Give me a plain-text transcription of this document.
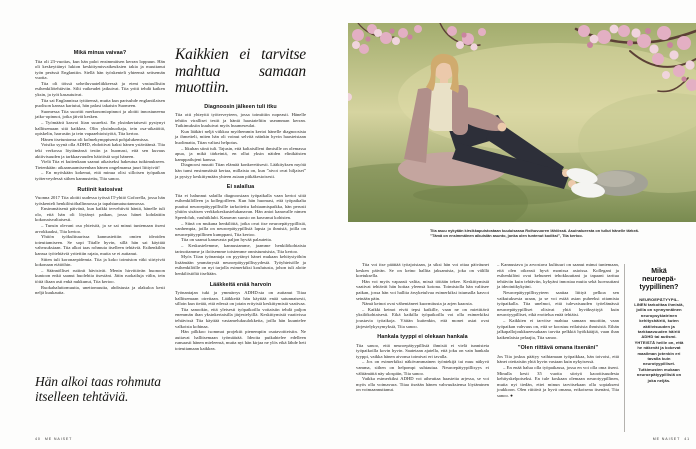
Mikä minua vaivaa?

Tiia oli 23-vuotias, kun hän paloi ensimmäisen kerran loppuun. Hän oli keskeyttänyt lukion keskittymisvaikeuksien takia ja muuttanut työn perässä Englantiin. Siellä hän työskenteli yhteensä seitsemän vuotta.

Tiia oli töissä urheiluvaateliikkeessä ja eteni vastuullisiin esihenkilötehtäviin. Silti vaikeudet jatkuivat. Tiia yritti tehdä kaiken yksin, ja työt kasautuivat.

Tiia sai Englannissa tyttärensä, mutta kun parisuhde englantilaisen puolison kanssa kariutui, hän palasi takaisin Suomeen.

Suomessa Tiia suoritti merkonomiopinnot ja aloitti innostuneena jatko-opinnot, jotka jäivät kesken.

– Työmäärä kasvoi liian suureksi. En yksinkertaisesti pystynyt hallitsemaan sitä kaikkea. Olin yksinhuoltaja, tein osa-aikatöitä, opiskelin, harrastin ja tein vapaaehtoistyötä, Tiia kertoo.

Hänen itsetuntonsa oli kolmekymppisenä pohjalukemissa.

Voisiko syynä olla ADHD, ehdottivat kaksi hänen ystäväänsä. Tiia teki verkossa löytämänsä testin ja huomasi, että sen kuvaus aktiivisuuden ja tarkkaavuuden häiriöstä sopi häneen.

Vielä Tiia ei kuitenkaan saanut aikaiseksi hakeutua tutkimukseen. Tietenkään: aikaansaamiseenhan hänen ongelmansa juuri liittyivät!

– En myöskään kokenut, että minua olisi silloisen työpaikan työterveydessä siihen kannustettu, Tiia sanoo.

Rutiinit katosivat

Vuonna 2017 Tiia aloitti uudessa työssä IT-yhtiö Goforella, jossa hän työskenteli henkilöstöhallinnossa ja tapahtumatuotannossa.

Ensimmäisenä päivänä, kun kaikki tervehtivät häntä, hänelle tuli olo, että hän oli löytänyt paikan, jossa hänet kohdattiin kokonaisvaltaisesti.

– Tunsin olevani osa yhteisöä, ja se sai minut tuntemaan itseni arvokkaaksi, Tiia kertoo.

Yhtiön työkulttuurissa kannustettiin omien ideoiden toteuttamiseen. Se sopi Tiialle hyvin, sillä hän sai käyttää vahvuuksiaan. Tiia alkoi taas rohmuta itselleen tehtäviä. Esihenkilön kanssa työtehtäviä yritettiin rajata, mutta se ei auttanut.

Sitten tuli koronaepidemia. Tiia ja koko toimiston väki siirtyivät kokonaan etätöihin.

– Säännölliset rutiinit hävisivät. Menin hirvittävän huonoon kuntoon enkä saanut huolehtia itsestäni. Jätin ruokailuja välin, tein töitä iltaan asti enkä nukkunut, Tiia kertoo.

Ruokahaluttomuutta, unettomuutta, ahdistusta ja alakuloa kesti neljä kuukautta.

Hän alkoi taas rohmuta itselleen tehtäviä.
Kaikkien ei tarvitse mahtua samaan muottiin.
Diagnoosin jälkeen tuli itku

Tiia otti yhteyttä työterveyteen, jossa toimittiin nopeasti. Hänelle tehtiin viralliset testit ja häntä haastateltiin useamman kerran. Tutkimuksiin kuuluivat myös huumeseulat.

Kun lääkäri neljä viikkoa myöhemmin kertoi hänelle diagnoosista ja ihmetteli, miten hän oli voinut selvitä näinkin hyvin haasteistaan huolimatta, Tiian valtasi helpotus.

– Itkuhan siinä tuli. Tajusin, että kaltaisilleni ihmisille on olemassa apua, ja mikä tärkeintä, en ollut yksin näiden elinikäisten kamppailujeni kanssa.

Diagnoosi muutti Tiian elämää konkreettisesti. Lääkityksen myötä hän tunsi ensimmäistä kertaa, millaista on, kun ”aivot ovat hiljaiset” ja pystyy keskittymään yhteen asiaan pitkäkestoisesti.

Ei salailua

Tiia ei halunnut salailla diagnoosiaan työpaikalla vaan kertoi siitä esihenkilölleen ja kollegoilleen. Kun hän huomasi, että työpaikalta puuttui neuroepätyypillisille tarkoitettu kohtaamispaikka, hän perusti yhtiön sisäisen verkkokeskustelukanavan. Hän antoi kanavalle nimen Speedclub, vauhtiklubi. Kanavan suosio on kasvanut kohisten.

– Siinä on mukana henkilöitä, jotka ovat itse neuroepätyypillisiä, vanhempia, joilla on neuroepätyypillisiä lapsia ja ihmisiä, joilla on neuroepätyypillinen kumppani, Tiia kertoo.

Tiia on saanut kanavasta paljon hyvää palautetta.

– Keskustelemme, kannustamme, jaamme henkilökohtaisia tarinoitamme ja iloitsemme toistemme onnistumisista, Tiia kertoo.

Myös Tiian työnantaja on pyytänyt hänet mukaan kehitystyöhön lisäämään ymmärrystä neuroepätyypillisyydestä. Työyhteisölle ja esihenkilöille on nyt tarjolla esimerkiksi koulutusta, johon tuli aloite henkilöstöltä itseltään.

Lääkkeitä enää harvoin

Työnantajan tuki ja ymmärrys ADHD:sta on auttanut Tiiaa hallitsemaan oireitaan. Lääkkeitä hän käyttää enää satunnaisesti, silloin kun tietää, että edessä on jotain erityistä keskittymistä vaativaa.

Tiia sanookin, että yleisesti työpaikoilla voitaisiin tehdä paljon enemmän ihan yksinkertaisilla järjestelyillä. Keskittymistä vaativissa tehtävissä Tiia käyttää vastamelukuulokkeita, joilla hän kuuntelee valkoista kohinaa.

Hän pilkkoo isommat projektit pienempiin osatavoitteisiin. Ne auttavat hallitsemaan työmäärää. Ideoita putkahtelee edelleen runsaasti hänen mieleensä, mutta nyt hän kirjaa ne ylös eikä lähde heti toteuttamaan kaikkea.

40 ME NAISET
Tiia asuu nykyään kirsikkapuistostaan kuuluisassa Roihuvuoren lähiössä. Asuinalueesta on tullut hänelle tärkeä. ”Tämä on ensimmäinen aikuisiän asunto, jonka olen tuntenut kodiksi”, Tiia kertoo.

Tiia voi itse päättää työajoistaan, ja siksi hän voi ottaa päiväunet kesken päivän. Se on keino hallita jaksamista, joka on välillä koetuksella.

Hän voi myös vapaasti valita, missä töitään tekee. Keskittymistä vaativat tehtävät hän hoitaa yleensä kotona. Toimistolla hän valitsee paikan, jossa hän voi hallita ärsyketulvaa esimerkiksi istumalla kasvot seinään päin.

Nämä keinot ovat vähentäneet kuormitusta ja arjen kaaosta.

– Kaikki keinot eivät tepsi kaikille, vaan ne on mietittävä yksilökohtaisesti. Eikä kaikilla työpaikoilla voi olla esimerkiksi joustavia työaikoja. Väitän kuitenkin, että monet asiat ovat järjestelykysymyksiä, Tiia sanoo.

Hankala tyyppi ei olekaan hankala

Tiia sanoo, että neuroepätyypillisiä ihmisiä ei vielä tunnisteta työpaikoilla kovin hyvin. Saatetaan ajatella, että joku on vain hankala tyyppi, vaikka hänen aivonsa toimivat eri tavalla.

– Jos on esimerkiksi näkövammainen työntekijä tai muu näkyvä vamma, siihen on helpompi suhtautua. Neuroepätyypillisyys ei välttämättä näy ulospäin, Tiia sanoo.

Vaikka esimerkiksi ADHD voi aiheuttaa haasteita arjessa, se voi myös olla voimavara. Tiiaa itseään hänen vahvuuksiensa löytäminen on voimaannuttanut.

– Kannustava ja arvostava kulttuuri on saanut minut tuntemaan, että olen oikeasti hyvä monissa asioissa. Kollegani ja esihenkilöni ovat kehuneet tehokkuuttani ja tapaani tarttua tehtäviin kuin tehtäviin, kykyäni innostaa muita sekä luovuuttani ja ideointikykyäni.

Neuroepätyypillisyyteen saattaa liittyä pelkoa sen vaikutuksesta uraan, ja se voi estää asian puheeksi ottamista työpaikalla. Tiia unelmoi, että tulevaisuuden työelämässä neuroepätyypilliset olisivat yhtä hyväksyttyjä kuin neurotyypilliset, eikä erottelua enää tehtäisi.

– Kaikkien ei tarvitse mahtua samaan muottiin, vaan työpaikan vahvuus on, että se koostuu erilaisista ihmisistä. Eihän jalkapallojoukkueessakaan tarvita pelkkiä hyökkääjiä, vaan ihan kaikenlaisia pelaajia, Tiia sanoo.

”Olen riittävä omana itsenäni”

Jos Tiia joskus päätyy vaihtamaan työpaikkaa, hän toivoisi, että hänet otettaisiin yhtä hyvin vastaan kuin nykyisessä.

– En enää halua olla työpaikassa, jossa en voi olla oma itseni. Minulla kesti 35 vuotta siirtyä kaoottisuudesta kehityskelpoiseksi. En tule koskaan olemaan neurotyypillinen, mutta nyt tiedän, ettei minun tarvitsekaan olla sopiakseni joukkoon. Olen riittävä ja hyvä omana, erikoisena itsenäni, Tiia sanoo. ●

Mikä neuroepätyypillinen?
NEUROEPÄTYYPILLINEN tarkoittaa ihmisiä, joilla on synnynnäinen neuropsykiatrinen kehityshäiriö, kuten aktiivisuuden ja tarkkaavuuden häiriö ADHD tai autismi. YHTEISTÄ heille on, että he näkevät ja kokevat maailman jotenkin eri tavalla kuin neurotyypilliset. Tutkimusten mukaan neuroepätyypillisiä on joka neljäs.
ME NAISET 41
